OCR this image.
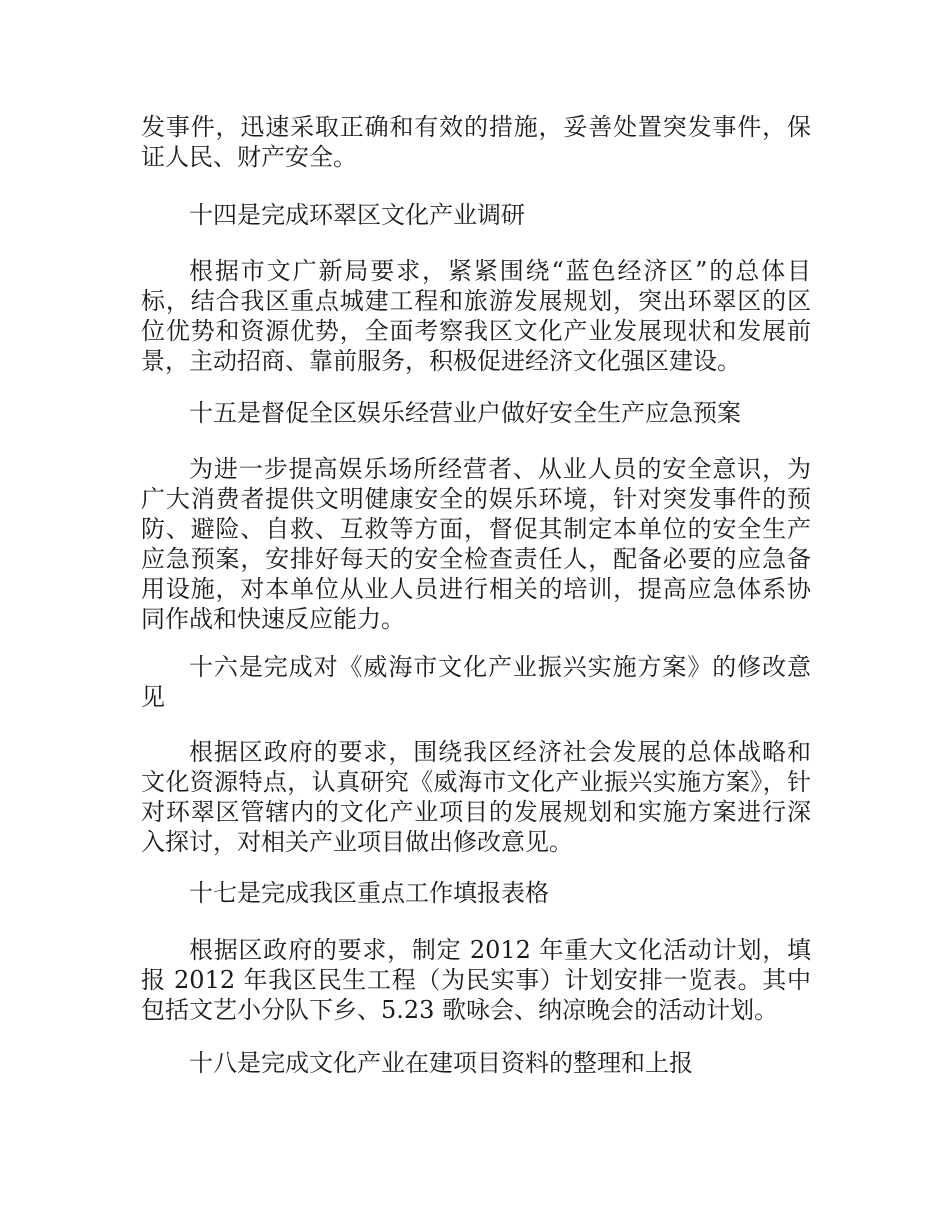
发事件，迅速采取正确和有效的措施，妥善处置突发事件，保证人民、财产安全。

十四是完成环翠区文化产业调研

根据市文广新局要求，紧紧围绕“蓝色经济区”的总体目标，结合我区重点城建工程和旅游发展规划，突出环翠区的区位优势和资源优势，全面考察我区文化产业发展现状和发展前景，主动招商、靠前服务，积极促进经济文化强区建设。

十五是督促全区娱乐经营业户做好安全生产应急预案

为进一步提高娱乐场所经营者、从业人员的安全意识，为广大消费者提供文明健康安全的娱乐环境，针对突发事件的预防、避险、自救、互救等方面，督促其制定本单位的安全生产应急预案，安排好每天的安全检查责任人，配备必要的应急备用设施，对本单位从业人员进行相关的培训，提高应急体系协同作战和快速反应能力。

十六是完成对《威海市文化产业振兴实施方案》的修改意见

根据区政府的要求，围绕我区经济社会发展的总体战略和文化资源特点，认真研究《威海市文化产业振兴实施方案》，针对环翠区管辖内的文化产业项目的发展规划和实施方案进行深入探讨，对相关产业项目做出修改意见。

十七是完成我区重点工作填报表格

根据区政府的要求，制定 2012 年重大文化活动计划，填报 2012 年我区民生工程（为民实事）计划安排一览表。其中包括文艺小分队下乡、5.23 歌咏会、纳凉晚会的活动计划。

十八是完成文化产业在建项目资料的整理和上报
